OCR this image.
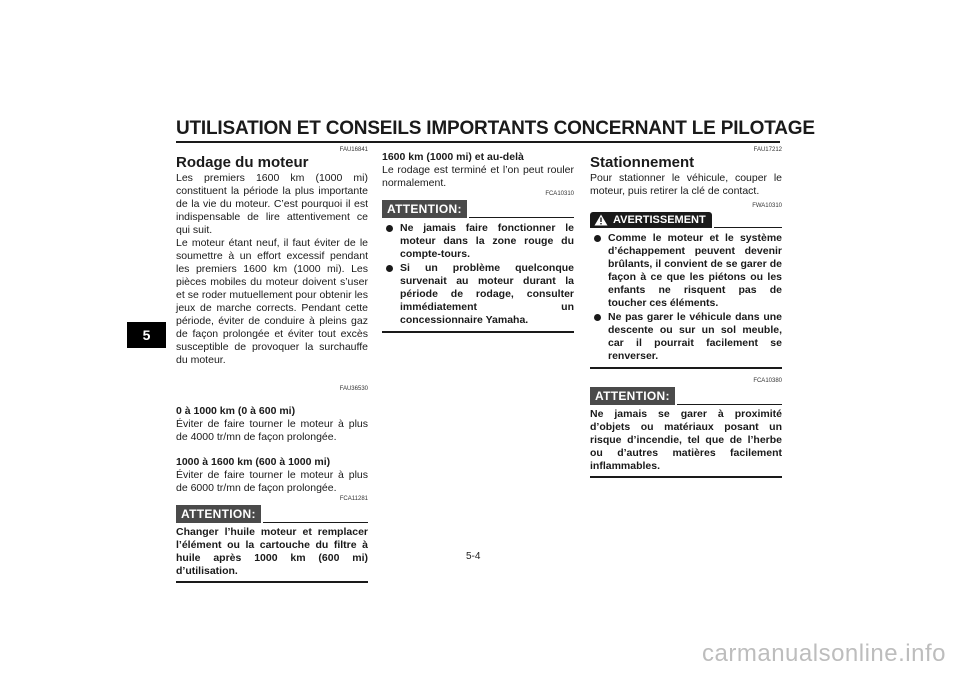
UTILISATION ET CONSEILS IMPORTANTS CONCERNANT LE PILOTAGE
5
FAU16841
Rodage du moteur

Les premiers 1600 km (1000 mi) constituent la période la plus importante de la vie du moteur. C’est pourquoi il est indispensable de lire attentivement ce qui suit.

Le moteur étant neuf, il faut éviter de le soumettre à un effort excessif pendant les premiers 1600 km (1000 mi). Les pièces mobiles du moteur doivent s’user et se roder mutuellement pour obtenir les jeux de marche corrects. Pendant cette période, éviter de conduire à pleins gaz de façon prolongée et éviter tout excès susceptible de provoquer la surchauffe du moteur.

FAU36530
0 à 1000 km (0 à 600 mi)

Éviter de faire tourner le moteur à plus de 4000 tr/mn de façon prolongée.

1000 à 1600 km (600 à 1000 mi)

Éviter de faire tourner le moteur à plus de 6000 tr/mn de façon prolongée.

FCA11281
ATTENTION:
Changer l’huile moteur et remplacer l’élément ou la cartouche du filtre à huile après 1000 km (600 mi) d’utilisation.
1600 km (1000 mi) et au-delà

Le rodage est terminé et l’on peut rouler normalement.

FCA10310
ATTENTION:
Ne jamais faire fonctionner le moteur dans la zone rouge du compte-tours.
Si un problème quelconque survenait au moteur durant la période de rodage, consulter immédiatement un concessionnaire Yamaha.
FAU17212
Stationnement

Pour stationner le véhicule, couper le moteur, puis retirer la clé de contact.

FWA10310
AVERTISSEMENT
Comme le moteur et le système d’échappement peuvent devenir brûlants, il convient de se garer de façon à ce que les piétons ou les enfants ne risquent pas de toucher ces éléments.
Ne pas garer le véhicule dans une descente ou sur un sol meuble, car il pourrait facilement se renverser.
FCA10380
ATTENTION:
Ne jamais se garer à proximité d’objets ou matériaux posant un risque d’incendie, tel que de l’herbe ou d’autres matières facilement inflammables.
5-4
carmanualsonline.info
